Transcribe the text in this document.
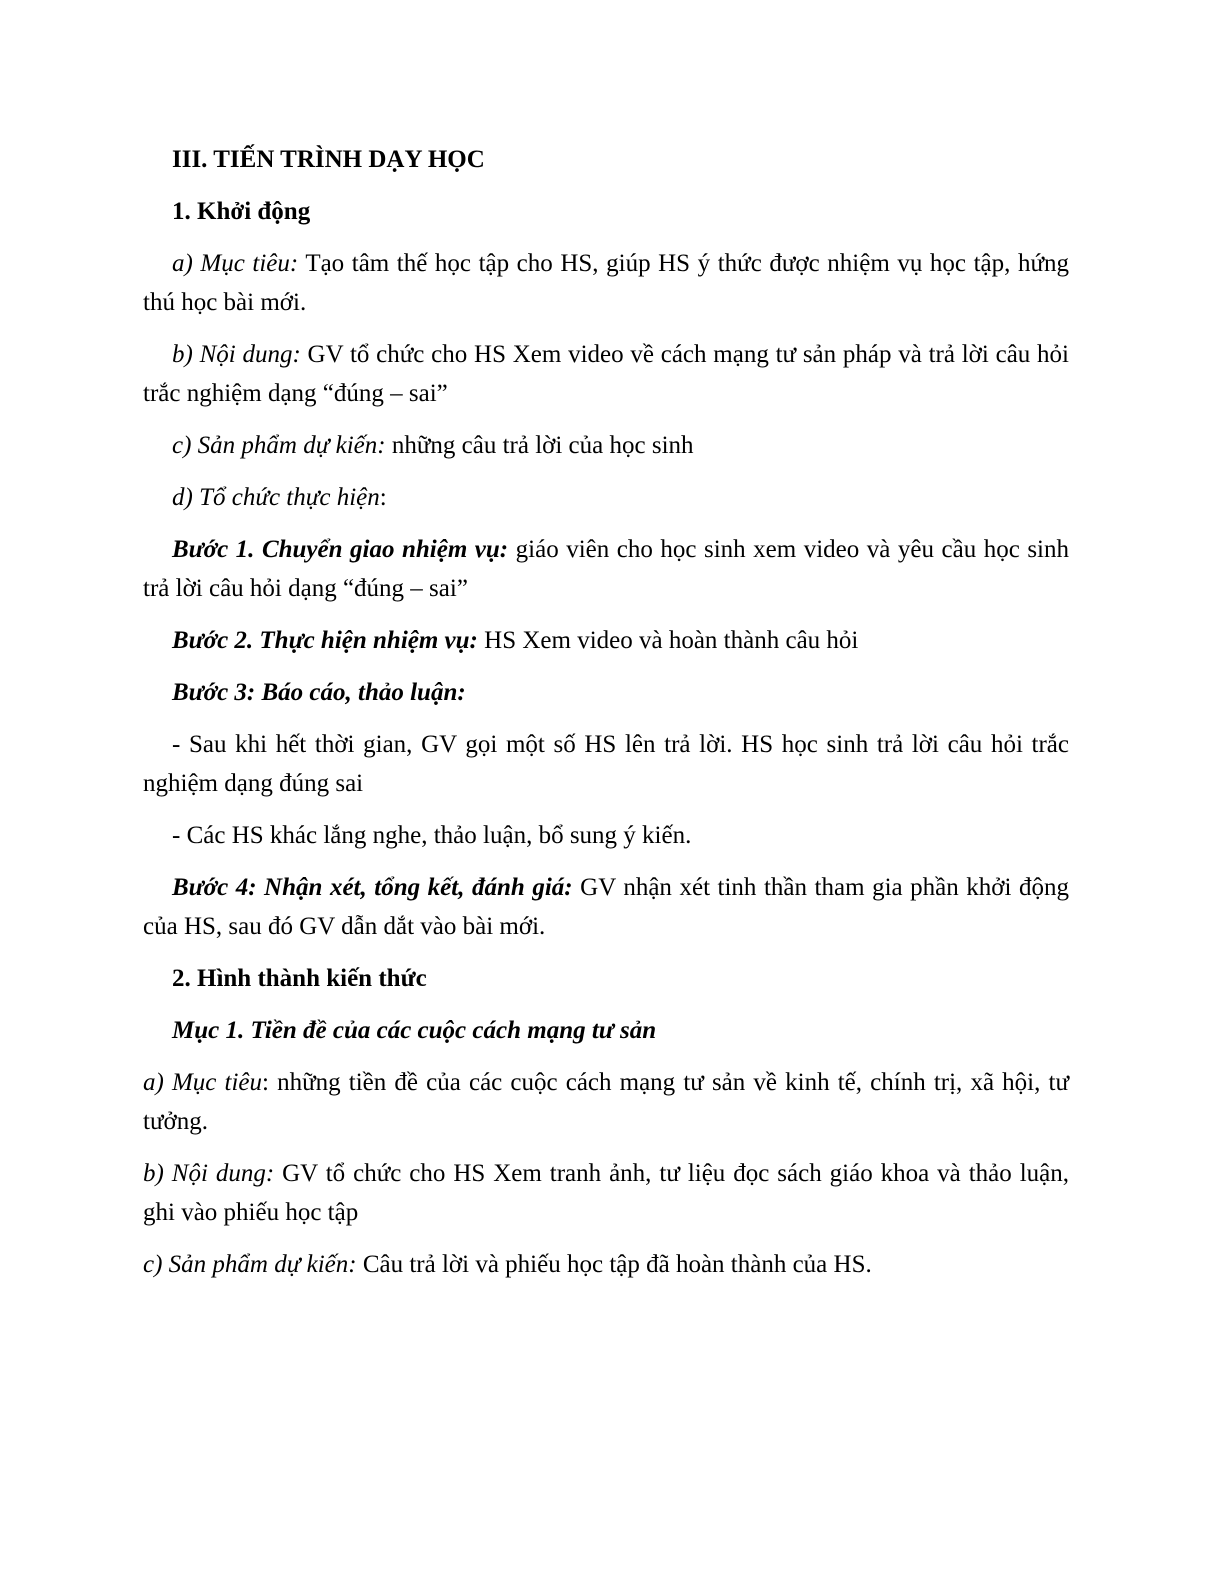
III. TIẾN TRÌNH DẠY HỌC

1. Khởi động

a) Mục tiêu: Tạo tâm thế học tập cho HS, giúp HS ý thức được nhiệm vụ học tập, hứng thú học bài mới.

b) Nội dung: GV tổ chức cho HS Xem video về cách mạng tư sản pháp và trả lời câu hỏi trắc nghiệm dạng “đúng – sai”

c) Sản phẩm dự kiến: những câu trả lời của học sinh

d) Tổ chức thực hiện:

Bước 1. Chuyển giao nhiệm vụ: giáo viên cho học sinh xem video và yêu cầu học sinh trả lời câu hỏi dạng “đúng – sai”

Bước 2. Thực hiện nhiệm vụ: HS Xem video và hoàn thành câu hỏi

Bước 3: Báo cáo, thảo luận:

- Sau khi hết thời gian, GV gọi một số HS lên trả lời. HS học sinh trả lời câu hỏi trắc nghiệm dạng đúng sai

- Các HS khác lắng nghe, thảo luận, bổ sung ý kiến.

Bước 4: Nhận xét, tổng kết, đánh giá: GV nhận xét tinh thần tham gia phần khởi động của HS, sau đó GV dẫn dắt vào bài mới.

2. Hình thành kiến thức

Mục 1. Tiền đề của các cuộc cách mạng tư sản

a) Mục tiêu: những tiền đề của các cuộc cách mạng tư sản về kinh tế, chính trị, xã hội, tư tưởng.

b) Nội dung: GV tổ chức cho HS Xem tranh ảnh, tư liệu đọc sách giáo khoa và thảo luận, ghi vào phiếu học tập

c) Sản phẩm dự kiến: Câu trả lời và phiếu học tập đã hoàn thành của HS.
